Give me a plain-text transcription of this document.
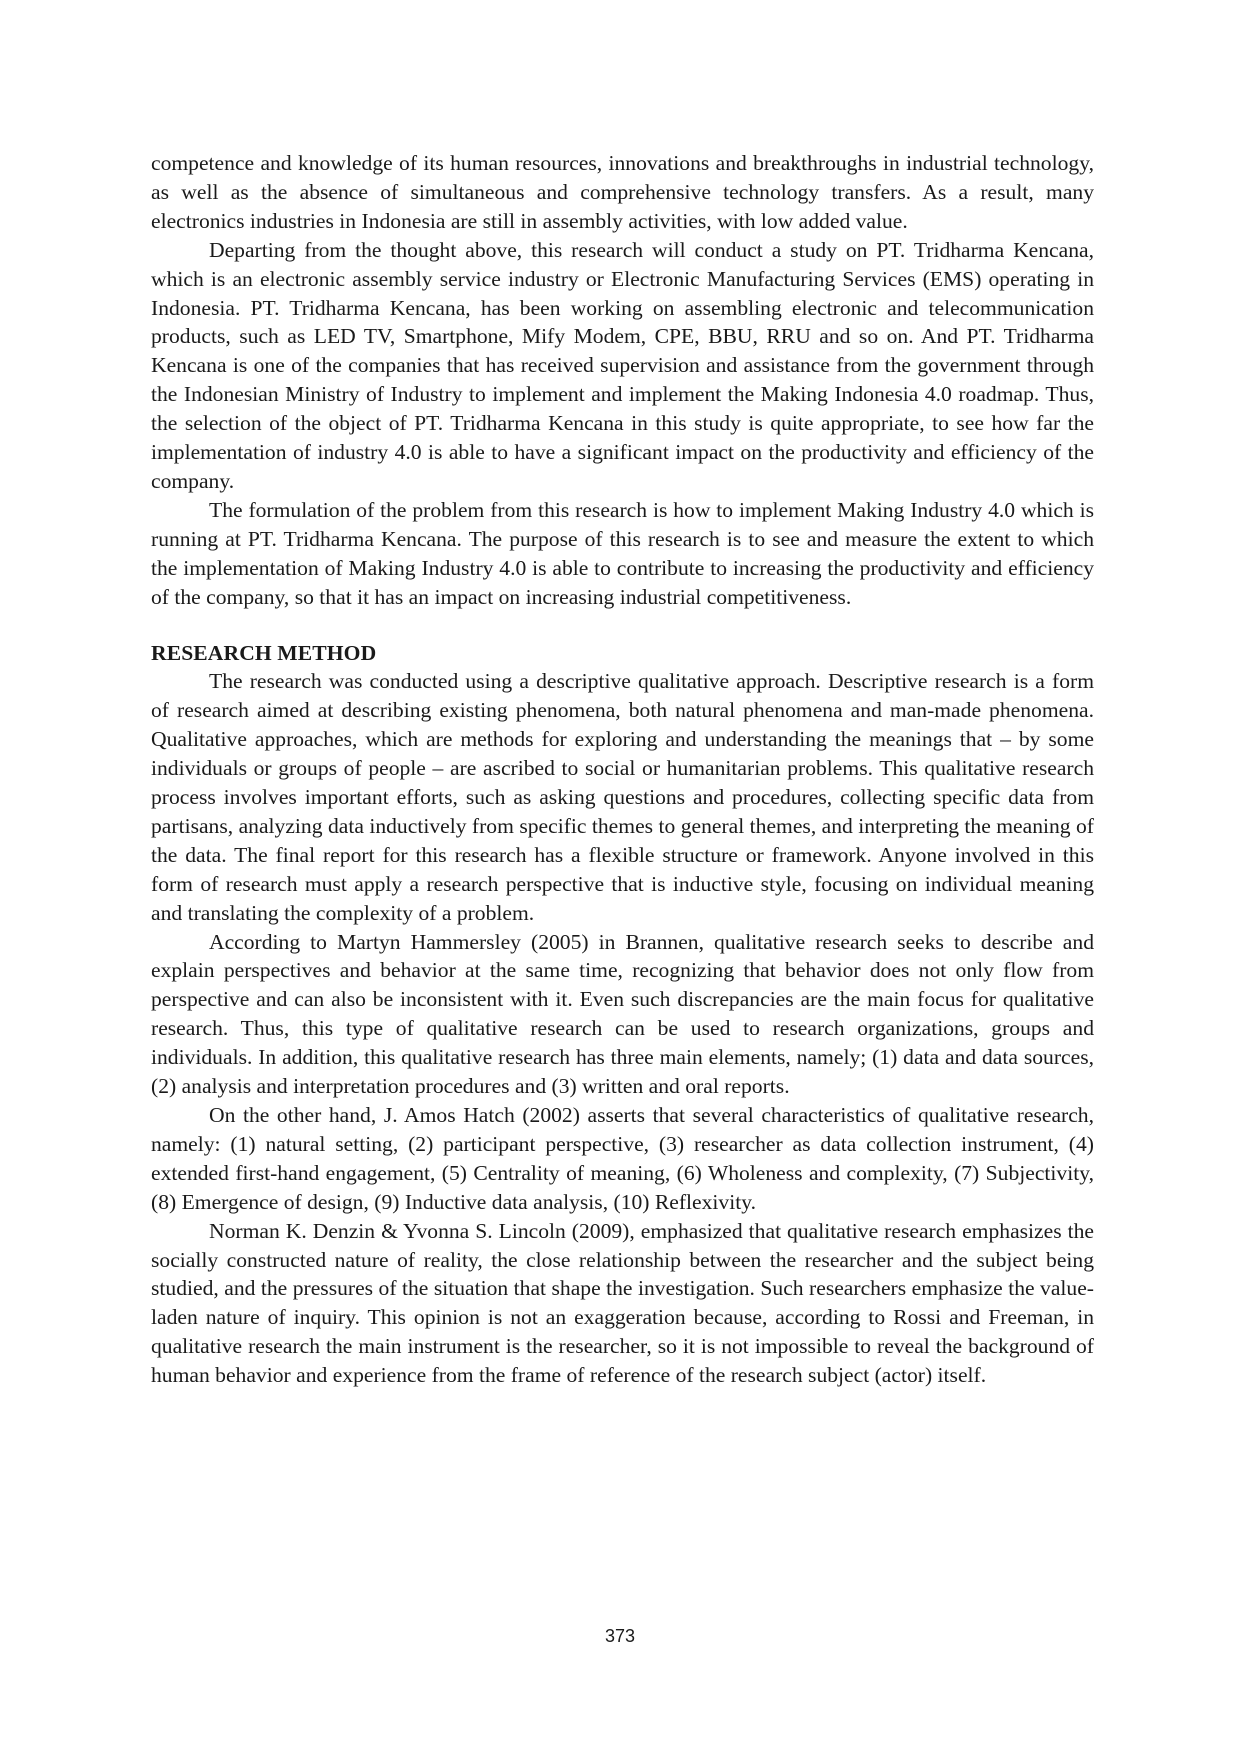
competence and knowledge of its human resources, innovations and breakthroughs in industrial technology, as well as the absence of simultaneous and comprehensive technology transfers. As a result, many electronics industries in Indonesia are still in assembly activities, with low added value.

Departing from the thought above, this research will conduct a study on PT. Tridharma Kencana, which is an electronic assembly service industry or Electronic Manufacturing Services (EMS) operating in Indonesia. PT. Tridharma Kencana, has been working on assembling electronic and telecommunication products, such as LED TV, Smartphone, Mify Modem, CPE, BBU, RRU and so on. And PT. Tridharma Kencana is one of the companies that has received supervision and assistance from the government through the Indonesian Ministry of Industry to implement and implement the Making Indonesia 4.0 roadmap. Thus, the selection of the object of PT. Tridharma Kencana in this study is quite appropriate, to see how far the implementation of industry 4.0 is able to have a significant impact on the productivity and efficiency of the company.

The formulation of the problem from this research is how to implement Making Industry 4.0 which is running at PT. Tridharma Kencana. The purpose of this research is to see and measure the extent to which the implementation of Making Industry 4.0 is able to contribute to increasing the productivity and efficiency of the company, so that it has an impact on increasing industrial competitiveness.

RESEARCH METHOD

The research was conducted using a descriptive qualitative approach. Descriptive research is a form of research aimed at describing existing phenomena, both natural phenomena and man-made phenomena. Qualitative approaches, which are methods for exploring and understanding the meanings that – by some individuals or groups of people – are ascribed to social or humanitarian problems. This qualitative research process involves important efforts, such as asking questions and procedures, collecting specific data from partisans, analyzing data inductively from specific themes to general themes, and interpreting the meaning of the data. The final report for this research has a flexible structure or framework. Anyone involved in this form of research must apply a research perspective that is inductive style, focusing on individual meaning and translating the complexity of a problem.

According to Martyn Hammersley (2005) in Brannen, qualitative research seeks to describe and explain perspectives and behavior at the same time, recognizing that behavior does not only flow from perspective and can also be inconsistent with it. Even such discrepancies are the main focus for qualitative research. Thus, this type of qualitative research can be used to research organizations, groups and individuals. In addition, this qualitative research has three main elements, namely; (1) data and data sources, (2) analysis and interpretation procedures and (3) written and oral reports.

On the other hand, J. Amos Hatch (2002) asserts that several characteristics of qualitative research, namely: (1) natural setting, (2) participant perspective, (3) researcher as data collection instrument, (4) extended first-hand engagement, (5) Centrality of meaning, (6) Wholeness and complexity, (7) Subjectivity, (8) Emergence of design, (9) Inductive data analysis, (10) Reflexivity.

Norman K. Denzin & Yvonna S. Lincoln (2009), emphasized that qualitative research emphasizes the socially constructed nature of reality, the close relationship between the researcher and the subject being studied, and the pressures of the situation that shape the investigation. Such researchers emphasize the value-laden nature of inquiry. This opinion is not an exaggeration because, according to Rossi and Freeman, in qualitative research the main instrument is the researcher, so it is not impossible to reveal the background of human behavior and experience from the frame of reference of the research subject (actor) itself.

373
